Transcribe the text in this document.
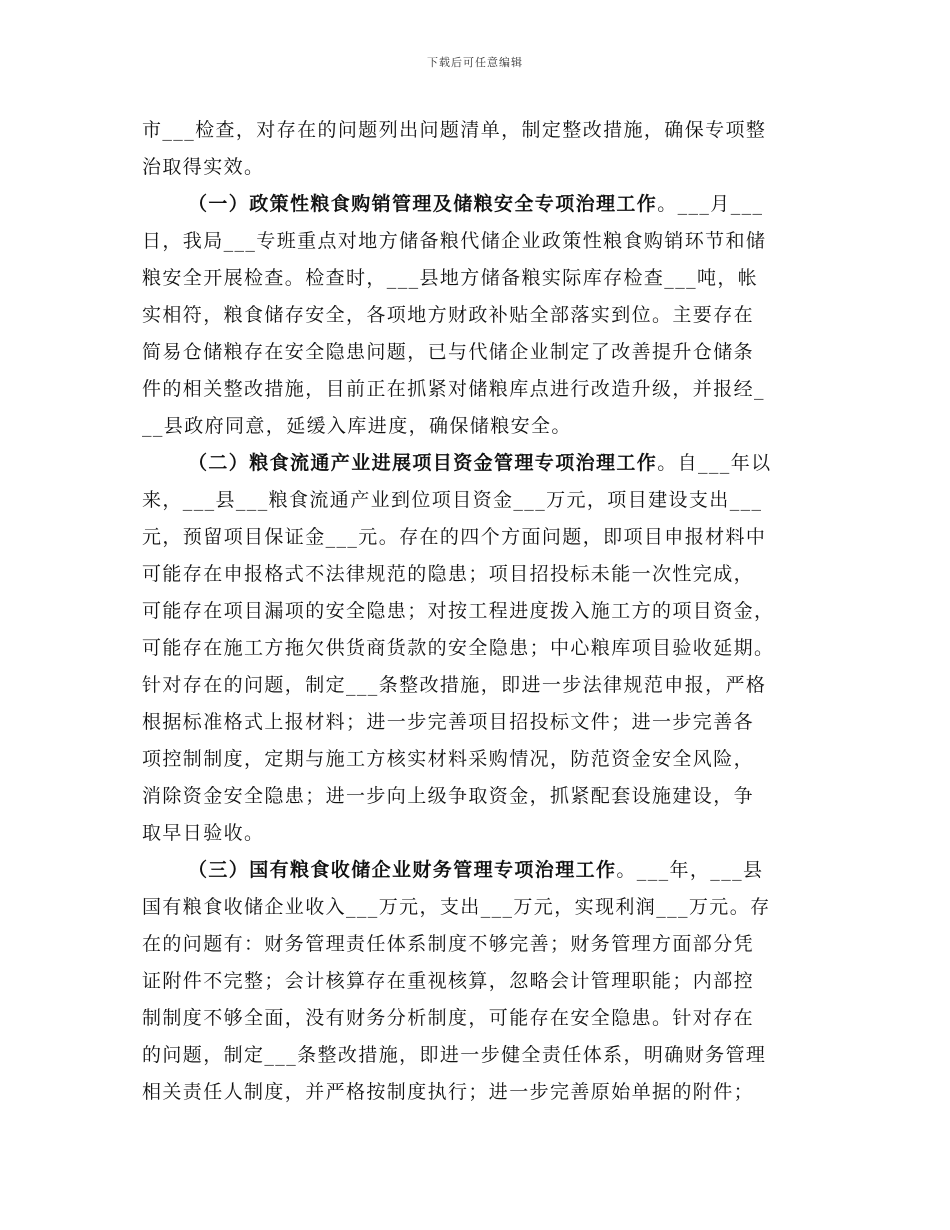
下载后可任意编辑
市___检查，对存在的问题列出问题清单，制定整改措施，确保专项整
治取得实效。
（一）政策性粮食购销管理及储粮安全专项治理工作。___月___
日，我局___专班重点对地方储备粮代储企业政策性粮食购销环节和储
粮安全开展检查。检查时，___县地方储备粮实际库存检查___吨，帐
实相符，粮食储存安全，各项地方财政补贴全部落实到位。主要存在
简易仓储粮存在安全隐患问题，已与代储企业制定了改善提升仓储条
件的相关整改措施，目前正在抓紧对储粮库点进行改造升级，并报经_
__县政府同意，延缓入库进度，确保储粮安全。
（二）粮食流通产业进展项目资金管理专项治理工作。自___年以
来，___县___粮食流通产业到位项目资金___万元，项目建设支出___
元，预留项目保证金___元。存在的四个方面问题，即项目申报材料中
可能存在申报格式不法律规范的隐患；项目招投标未能一次性完成，
可能存在项目漏项的安全隐患；对按工程进度拨入施工方的项目资金，
可能存在施工方拖欠供货商货款的安全隐患；中心粮库项目验收延期。
针对存在的问题，制定___条整改措施，即进一步法律规范申报，严格
根据标准格式上报材料；进一步完善项目招投标文件；进一步完善各
项控制制度，定期与施工方核实材料采购情况，防范资金安全风险，
消除资金安全隐患；进一步向上级争取资金，抓紧配套设施建设，争
取早日验收。
（三）国有粮食收储企业财务管理专项治理工作。___年，___县
国有粮食收储企业收入___万元，支出___万元，实现利润___万元。存
在的问题有：财务管理责任体系制度不够完善；财务管理方面部分凭
证附件不完整；会计核算存在重视核算，忽略会计管理职能；内部控
制制度不够全面，没有财务分析制度，可能存在安全隐患。针对存在
的问题，制定___条整改措施，即进一步健全责任体系，明确财务管理
相关责任人制度，并严格按制度执行；进一步完善原始单据的附件；
